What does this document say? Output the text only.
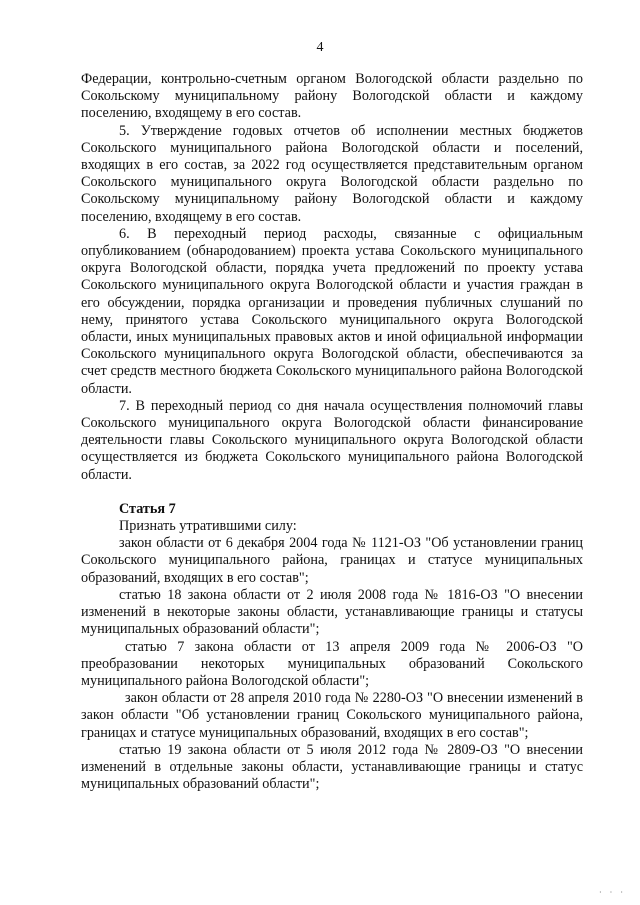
4

Федерации, контрольно-счетным органом Вологодской области раздельно по Сокольскому муниципальному району Вологодской области и каждому поселению, входящему в его состав.

5. Утверждение годовых отчетов об исполнении местных бюджетов Сокольского муниципального района Вологодской области и поселений, входящих в его состав, за 2022 год осуществляется представительным органом Сокольского муниципального округа Вологодской области раздельно по Сокольскому муниципальному району Вологодской области и каждому поселению, входящему в его состав.

6. В переходный период расходы, связанные с официальным опубликованием (обнародованием) проекта устава Сокольского муниципального округа Вологодской области, порядка учета предложений по проекту устава Сокольского муниципального округа Вологодской области и участия граждан в его обсуждении, порядка организации и проведения публичных слушаний по нему, принятого устава Сокольского муниципального округа Вологодской области, иных муниципальных правовых актов и иной официальной информации Сокольского муниципального округа Вологодской области, обеспечиваются за счет средств местного бюджета Сокольского муниципального района Вологодской области.

7. В переходный период со дня начала осуществления полномочий главы Сокольского муниципального округа Вологодской области финансирование деятельности главы Сокольского муниципального округа Вологодской области осуществляется из бюджета Сокольского муниципального района Вологодской области.

Статья 7

Признать утратившими силу:

закон области от 6 декабря 2004 года № 1121-ОЗ "Об установлении границ Сокольского муниципального района, границах и статусе муниципальных образований, входящих в его состав";

статью 18 закона области от 2 июля 2008 года № 1816-ОЗ "О внесении изменений в некоторые законы области, устанавливающие границы и статусы муниципальных образований области";

статью 7 закона области от 13 апреля 2009 года № 2006-ОЗ "О преобразовании некоторых муниципальных образований Сокольского муниципального района Вологодской области";

закон области от 28 апреля 2010 года № 2280-ОЗ "О внесении изменений в закон области "Об установлении границ Сокольского муниципального района, границах и статусе муниципальных образований, входящих в его состав";

статью 19 закона области от 5 июля 2012 года № 2809-ОЗ "О внесении изменений в отдельные законы области, устанавливающие границы и статус муниципальных образований области";

· · ·
